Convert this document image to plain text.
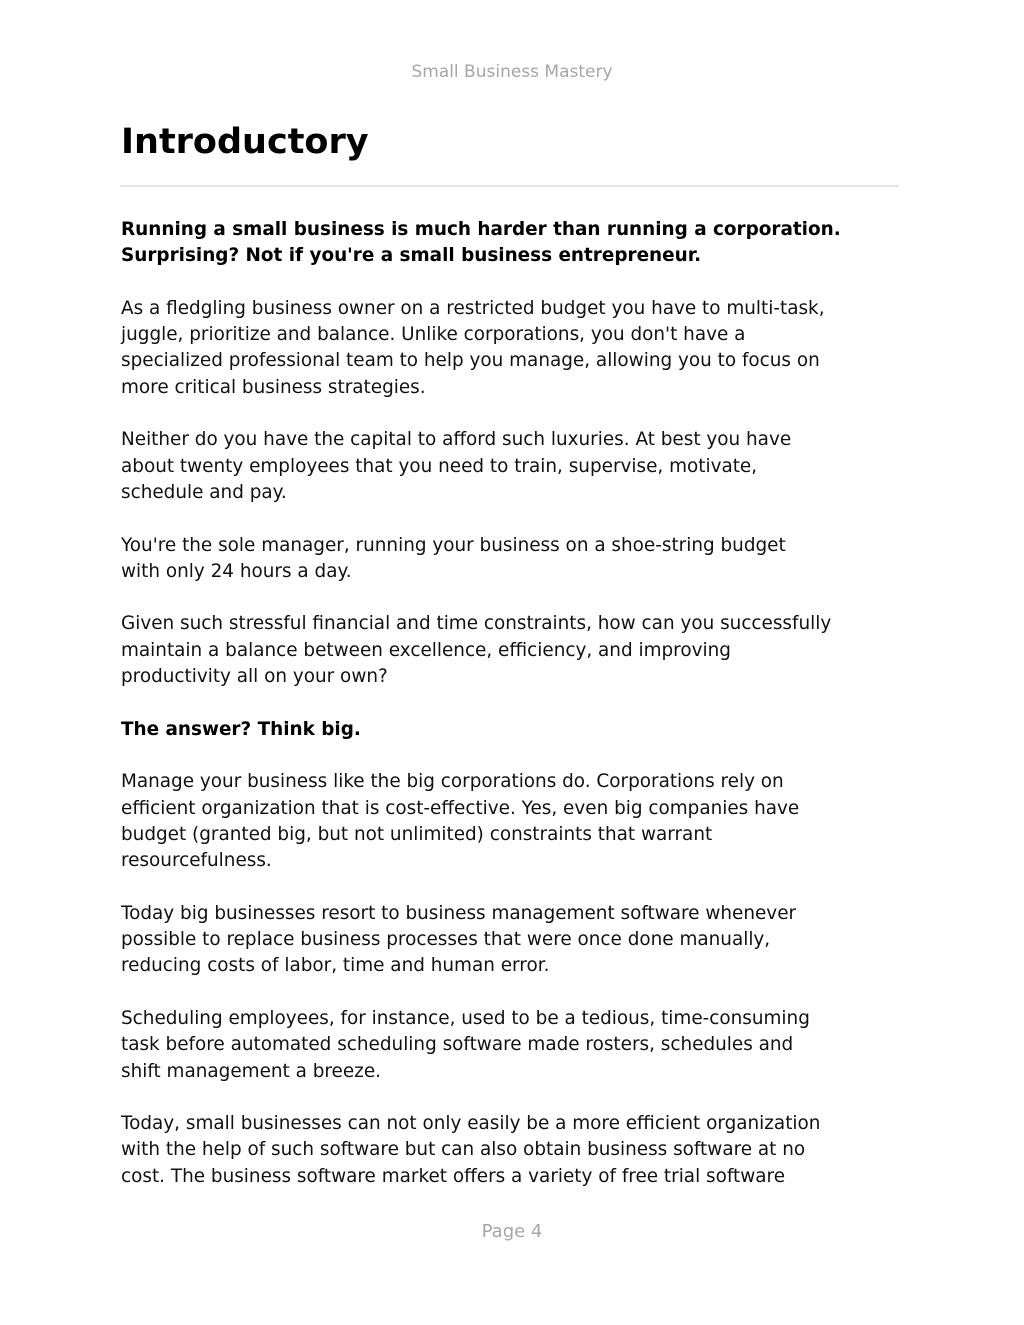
Small Business Mastery
Introductory

Running a small business is much harder than running a corporation.
Surprising? Not if you're a small business entrepreneur.

As a fledgling business owner on a restricted budget you have to multi-task,
juggle, prioritize and balance. Unlike corporations, you don't have a
specialized professional team to help you manage, allowing you to focus on
more critical business strategies.

Neither do you have the capital to afford such luxuries. At best you have
about twenty employees that you need to train, supervise, motivate,
schedule and pay.

You're the sole manager, running your business on a shoe-string budget
with only 24 hours a day.

Given such stressful financial and time constraints, how can you successfully
maintain a balance between excellence, efficiency, and improving
productivity all on your own?

The answer? Think big.

Manage your business like the big corporations do. Corporations rely on
efficient organization that is cost-effective. Yes, even big companies have
budget (granted big, but not unlimited) constraints that warrant
resourcefulness.

Today big businesses resort to business management software whenever
possible to replace business processes that were once done manually,
reducing costs of labor, time and human error.

Scheduling employees, for instance, used to be a tedious, time-consuming
task before automated scheduling software made rosters, schedules and
shift management a breeze.

Today, small businesses can not only easily be a more efficient organization
with the help of such software but can also obtain business software at no
cost. The business software market offers a variety of free trial software

Page 4
